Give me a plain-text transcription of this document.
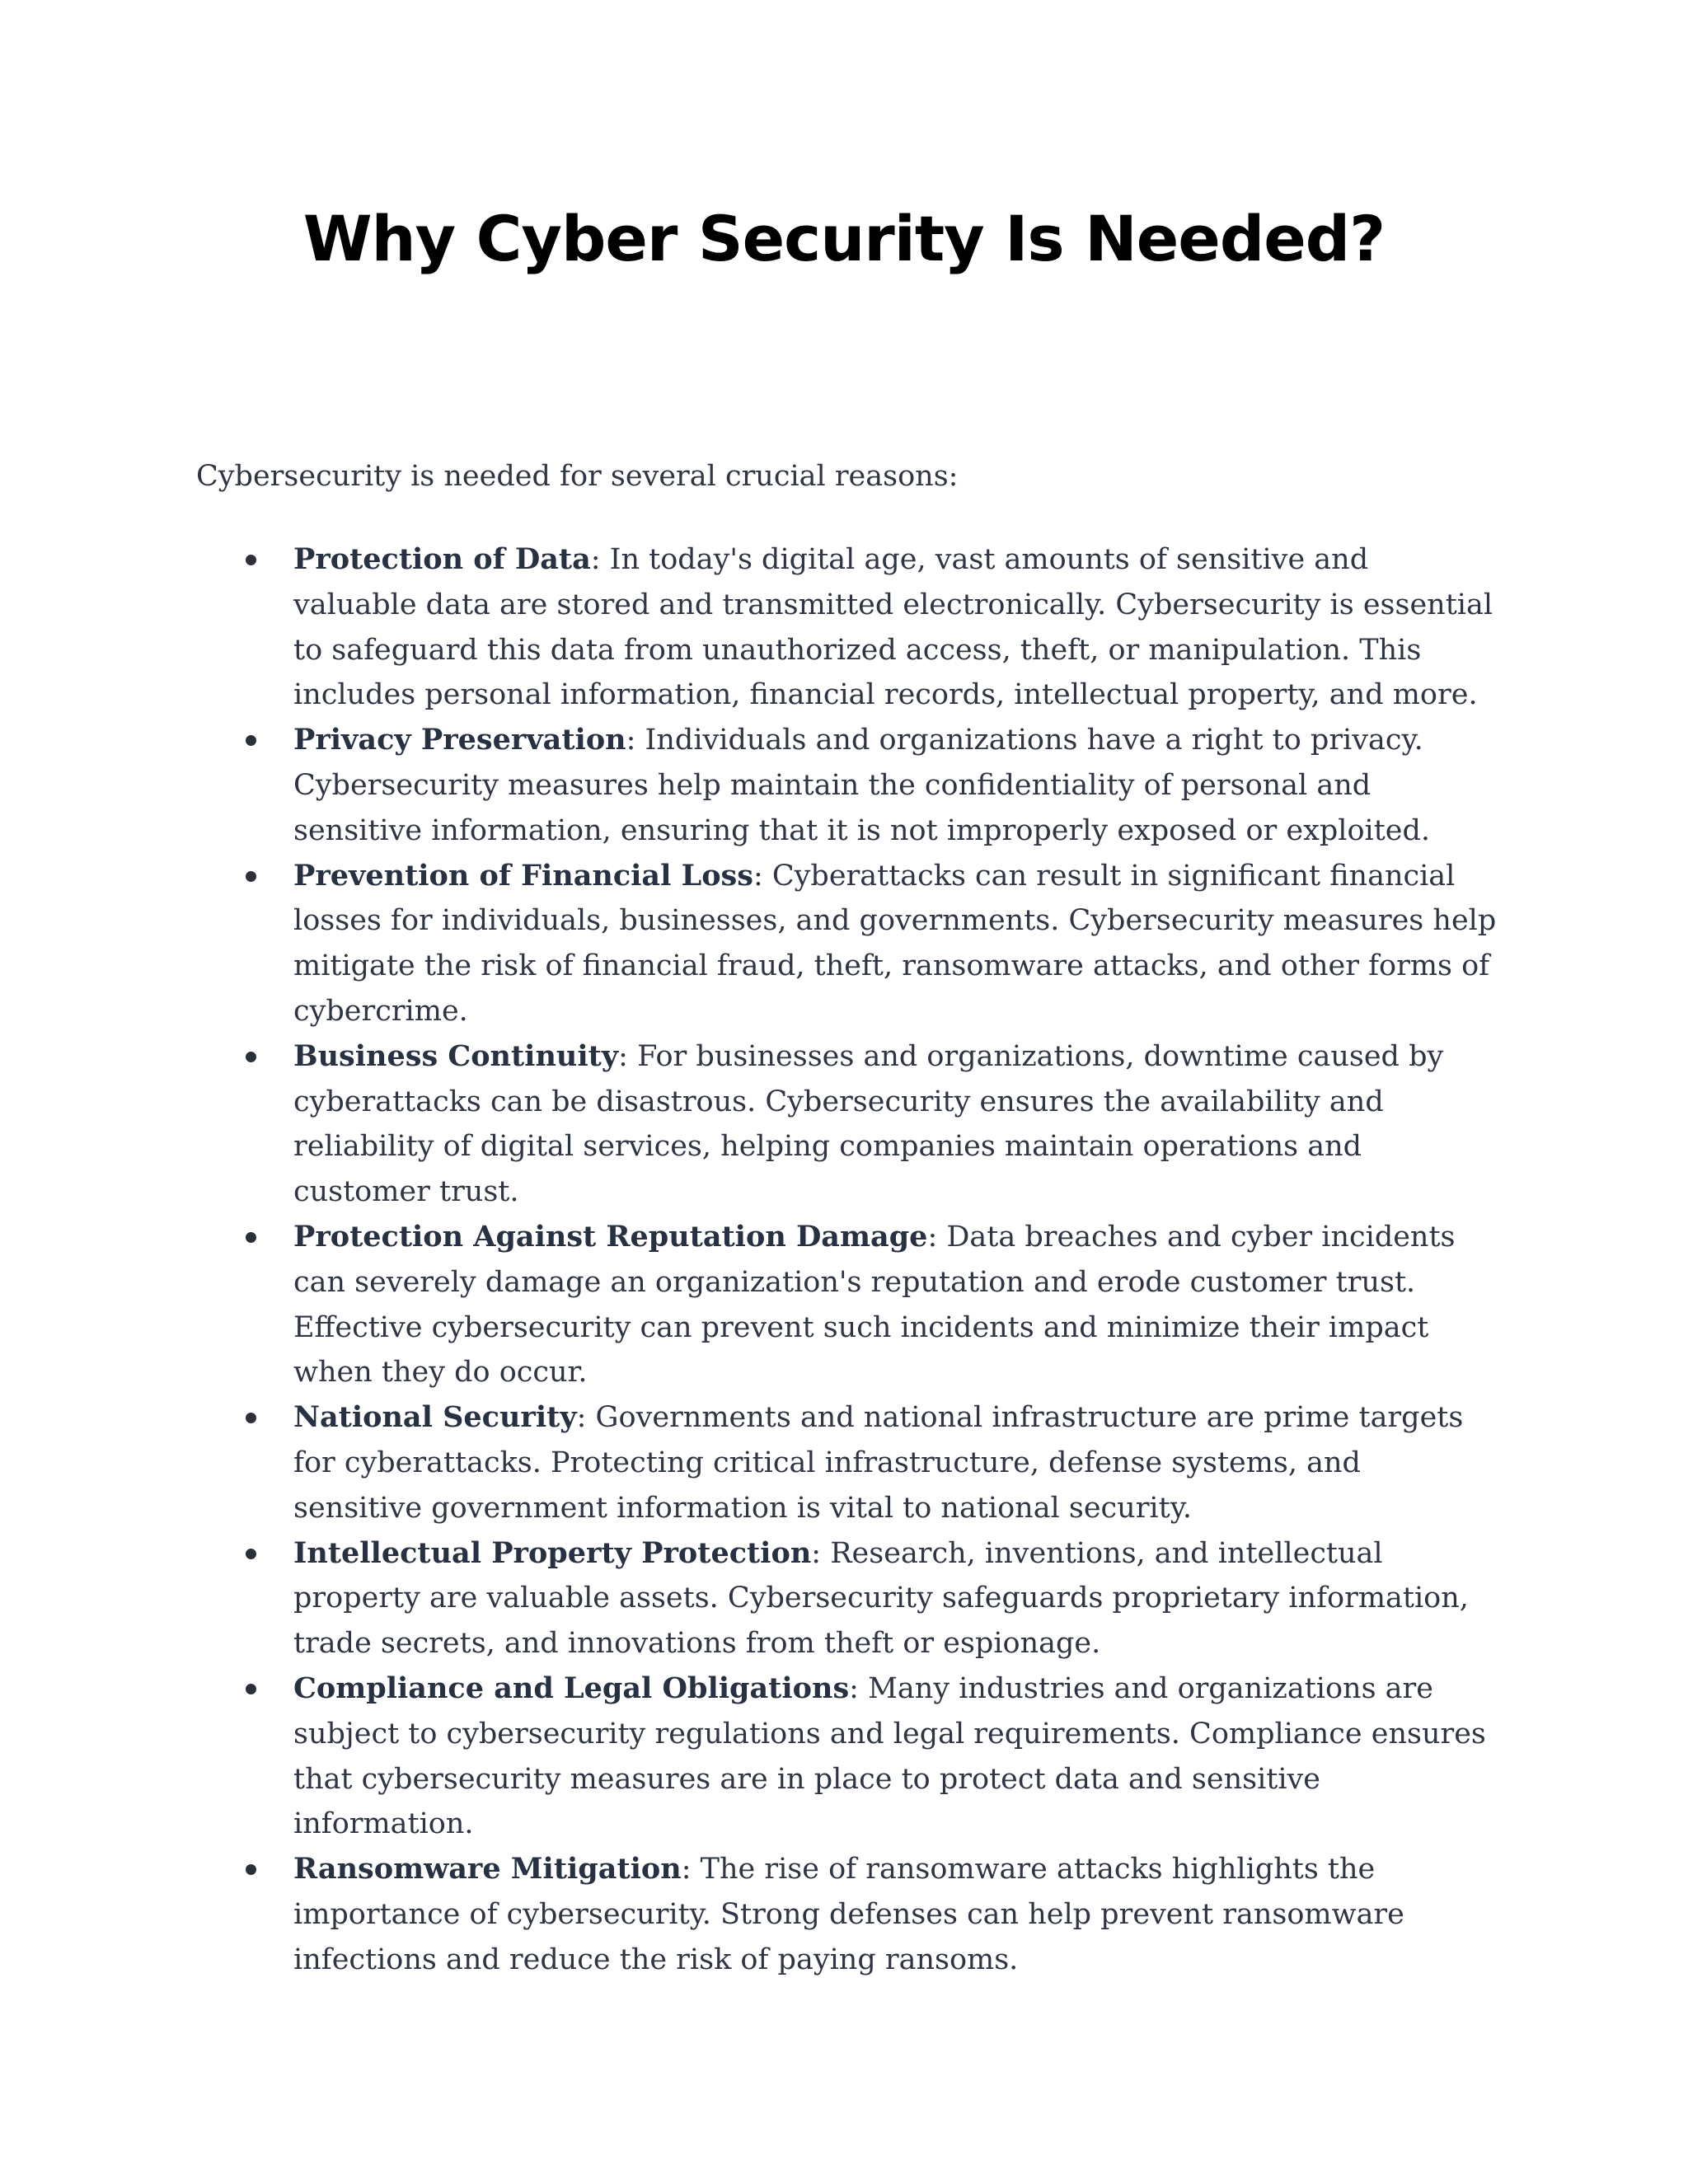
Why Cyber Security Is Needed?

Cybersecurity is needed for several crucial reasons:

Protection of Data: In today's digital age, vast amounts of sensitive and valuable data are stored and transmitted electronically. Cybersecurity is essential to safeguard this data from unauthorized access, theft, or manipulation. This includes personal information, financial records, intellectual property, and more.
Privacy Preservation: Individuals and organizations have a right to privacy. Cybersecurity measures help maintain the confidentiality of personal and sensitive information, ensuring that it is not improperly exposed or exploited.
Prevention of Financial Loss: Cyberattacks can result in significant financial losses for individuals, businesses, and governments. Cybersecurity measures help mitigate the risk of financial fraud, theft, ransomware attacks, and other forms of cybercrime.
Business Continuity: For businesses and organizations, downtime caused by cyberattacks can be disastrous. Cybersecurity ensures the availability and reliability of digital services, helping companies maintain operations and customer trust.
Protection Against Reputation Damage: Data breaches and cyber incidents can severely damage an organization's reputation and erode customer trust. Effective cybersecurity can prevent such incidents and minimize their impact when they do occur.
National Security: Governments and national infrastructure are prime targets for cyberattacks. Protecting critical infrastructure, defense systems, and sensitive government information is vital to national security.
Intellectual Property Protection: Research, inventions, and intellectual property are valuable assets. Cybersecurity safeguards proprietary information, trade secrets, and innovations from theft or espionage.
Compliance and Legal Obligations: Many industries and organizations are subject to cybersecurity regulations and legal requirements. Compliance ensures that cybersecurity measures are in place to protect data and sensitive information.
Ransomware Mitigation: The rise of ransomware attacks highlights the importance of cybersecurity. Strong defenses can help prevent ransomware infections and reduce the risk of paying ransoms.
